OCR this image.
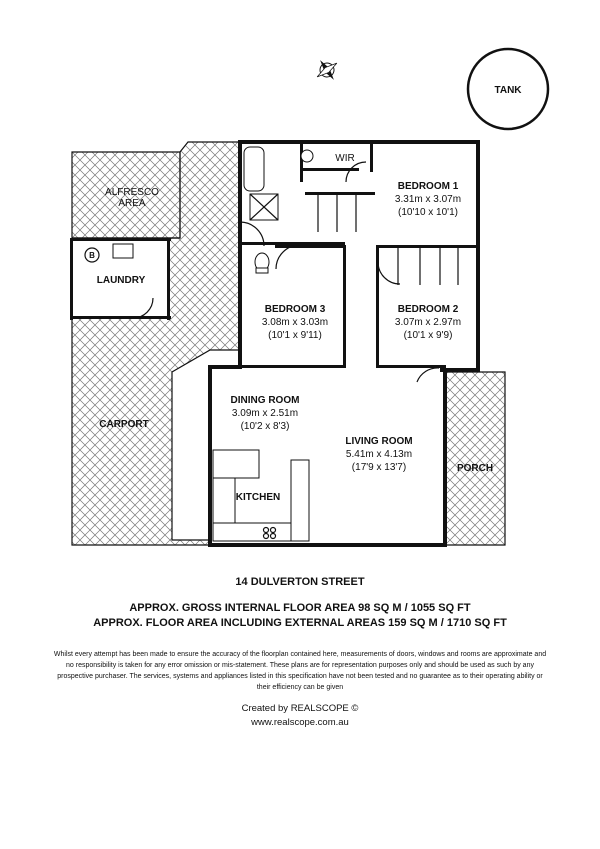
TANK
ALFRESCO
AREA
B
LAUNDRY
CARPORT
WIR
BEDROOM 1
3.31m x 3.07m
(10'10 x 10'1)
BEDROOM 2
3.07m x 2.97m
(10'1 x 9'9)
BEDROOM 3
3.08m x 3.03m
(10'1 x 9'11)
DINING ROOM
3.09m x 2.51m
(10'2 x 8'3)
LIVING ROOM
5.41m x 4.13m
(17'9 x 13'7)
KITCHEN
PORCH
14 DULVERTON STREET
APPROX. GROSS INTERNAL FLOOR AREA 98 SQ M / 1055 SQ FT
APPROX. FLOOR AREA INCLUDING EXTERNAL AREAS 159 SQ M / 1710 SQ FT
Whilst every attempt has been made to ensure the accuracy of the floorplan contained here, measurements of doors, windows and rooms are approximate and no responsibility is taken for any error omission or mis-statement. These plans are for representation purposes only and should be used as such by any prospective purchaser. The services, systems and appliances listed in this specification have not been tested and no guarantee as to their operating ability or their efficiency can be given
Created by REALSCOPE ©
www.realscope.com.au
